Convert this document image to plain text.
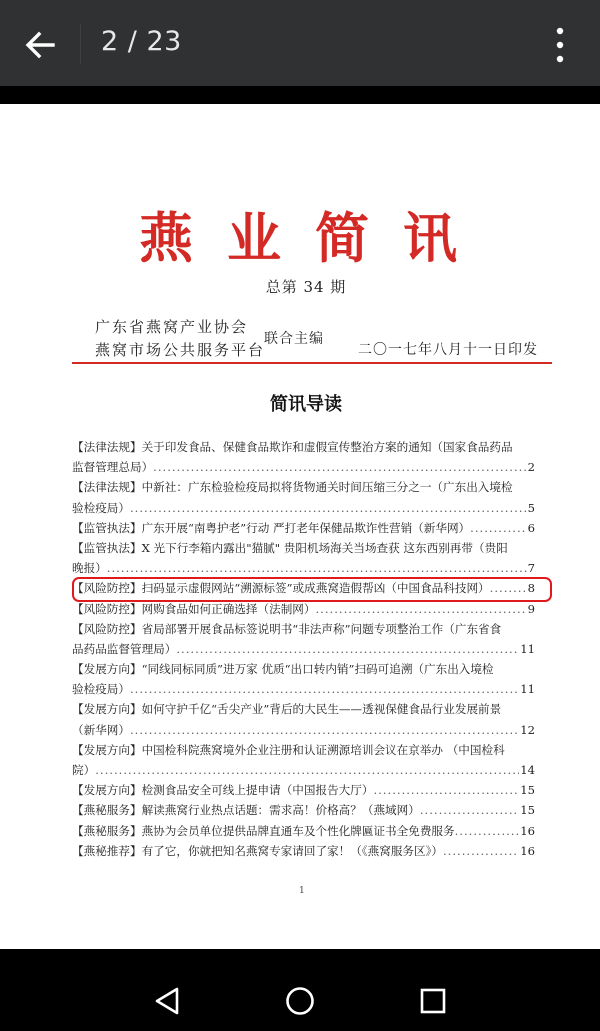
2 / 23
燕业简讯
总第 34 期
广东省燕窝产业协会
燕窝市场公共服务平台
联合主编
二〇一七年八月十一日印发
简讯导读
【法律法规】关于印发食品、保健食品欺诈和虚假宣传整治方案的通知（国家食品药品
监督管理总局） .....	2
【法律法规】中新社：广东检验检疫局拟将货物通关时间压缩三分之一（广东出入境检
验检疫局） .....	5
【监管执法】广东开展“南粤护老”行动 严打老年保健品欺诈性营销（新华网） .....	6
【监管执法】X 光下行李箱内露出"猫腻" 贵阳机场海关当场查获 这东西别再带（贵阳
晚报） .....	7
【风险防控】扫码显示虚假网站“溯源标签”或成燕窝造假帮凶（中国食品科技网） .....	8
【风险防控】网购食品如何正确选择（法制网） .....	9
【风险防控】省局部署开展食品标签说明书“非法声称”问题专项整治工作（广东省食
品药品监督管理局） .....	11
【发展方向】“同线同标同质”进万家 优质“出口转内销”扫码可追溯（广东出入境检
验检疫局） .....	11
【发展方向】如何守护千亿“舌尖产业”背后的大民生——透视保健食品行业发展前景
（新华网） .....	12
【发展方向】中国检科院燕窝境外企业注册和认证溯源培训会议在京举办 （中国检科
院） .....	14
【发展方向】检测食品安全可线上提申请（中国报告大厅） .....	15
【燕秘服务】解读燕窝行业热点话题：需求高！价格高？（燕域网） .....	15
【燕秘服务】燕协为会员单位提供品牌直通车及个性化牌匾证书全免费服务 .....	16
【燕秘推荐】有了它，你就把知名燕窝专家请回了家！（《燕窝服务区》） .....	16
1
